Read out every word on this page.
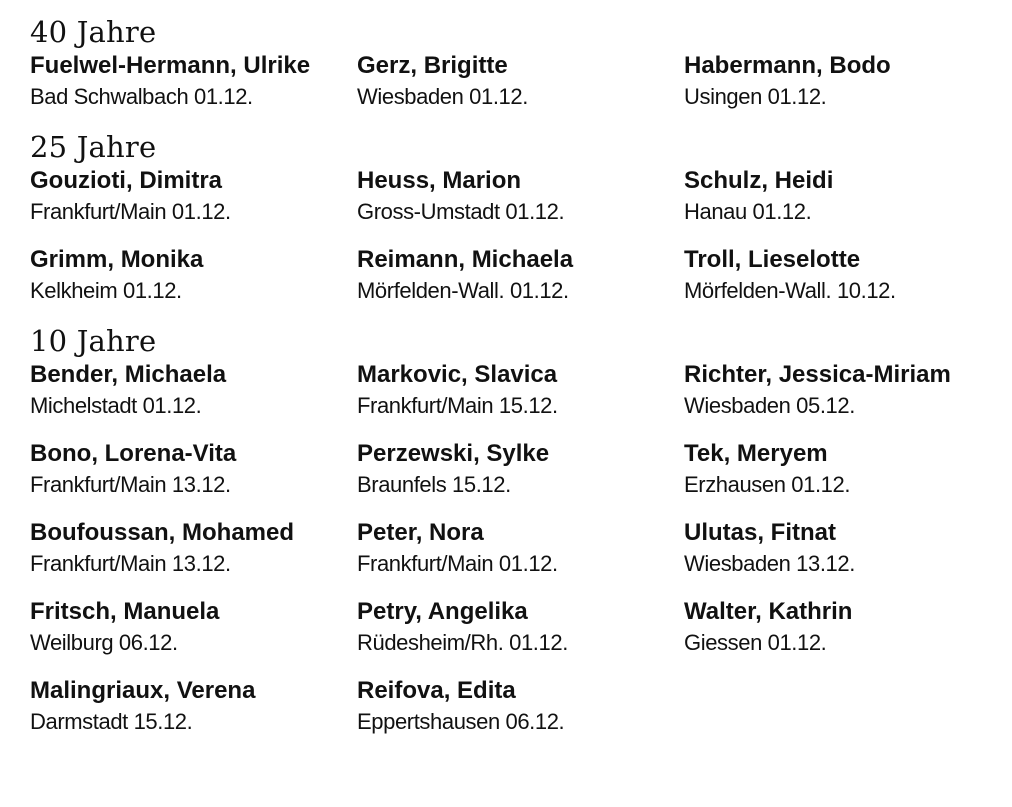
40 Jahre
Fuelwel-Hermann, Ulrike
Bad Schwalbach 01.12.
Gerz, Brigitte
Wiesbaden 01.12.
Habermann, Bodo
Usingen 01.12.
25 Jahre
Gouzioti, Dimitra
Frankfurt/Main 01.12.
Heuss, Marion
Gross-Umstadt 01.12.
Schulz, Heidi
Hanau 01.12.
Grimm, Monika
Kelkheim 01.12.
Reimann, Michaela
Mörfelden-Wall. 01.12.
Troll, Lieselotte
Mörfelden-Wall. 10.12.
10 Jahre
Bender, Michaela
Michelstadt 01.12.
Markovic, Slavica
Frankfurt/Main 15.12.
Richter, Jessica-Miriam
Wiesbaden 05.12.
Bono, Lorena-Vita
Frankfurt/Main 13.12.
Perzewski, Sylke
Braunfels 15.12.
Tek, Meryem
Erzhausen 01.12.
Boufoussan, Mohamed
Frankfurt/Main 13.12.
Peter, Nora
Frankfurt/Main 01.12.
Ulutas, Fitnat
Wiesbaden 13.12.
Fritsch, Manuela
Weilburg 06.12.
Petry, Angelika
Rüdesheim/Rh. 01.12.
Walter, Kathrin
Giessen 01.12.
Malingriaux, Verena
Darmstadt 15.12.
Reifova, Edita
Eppertshausen 06.12.
